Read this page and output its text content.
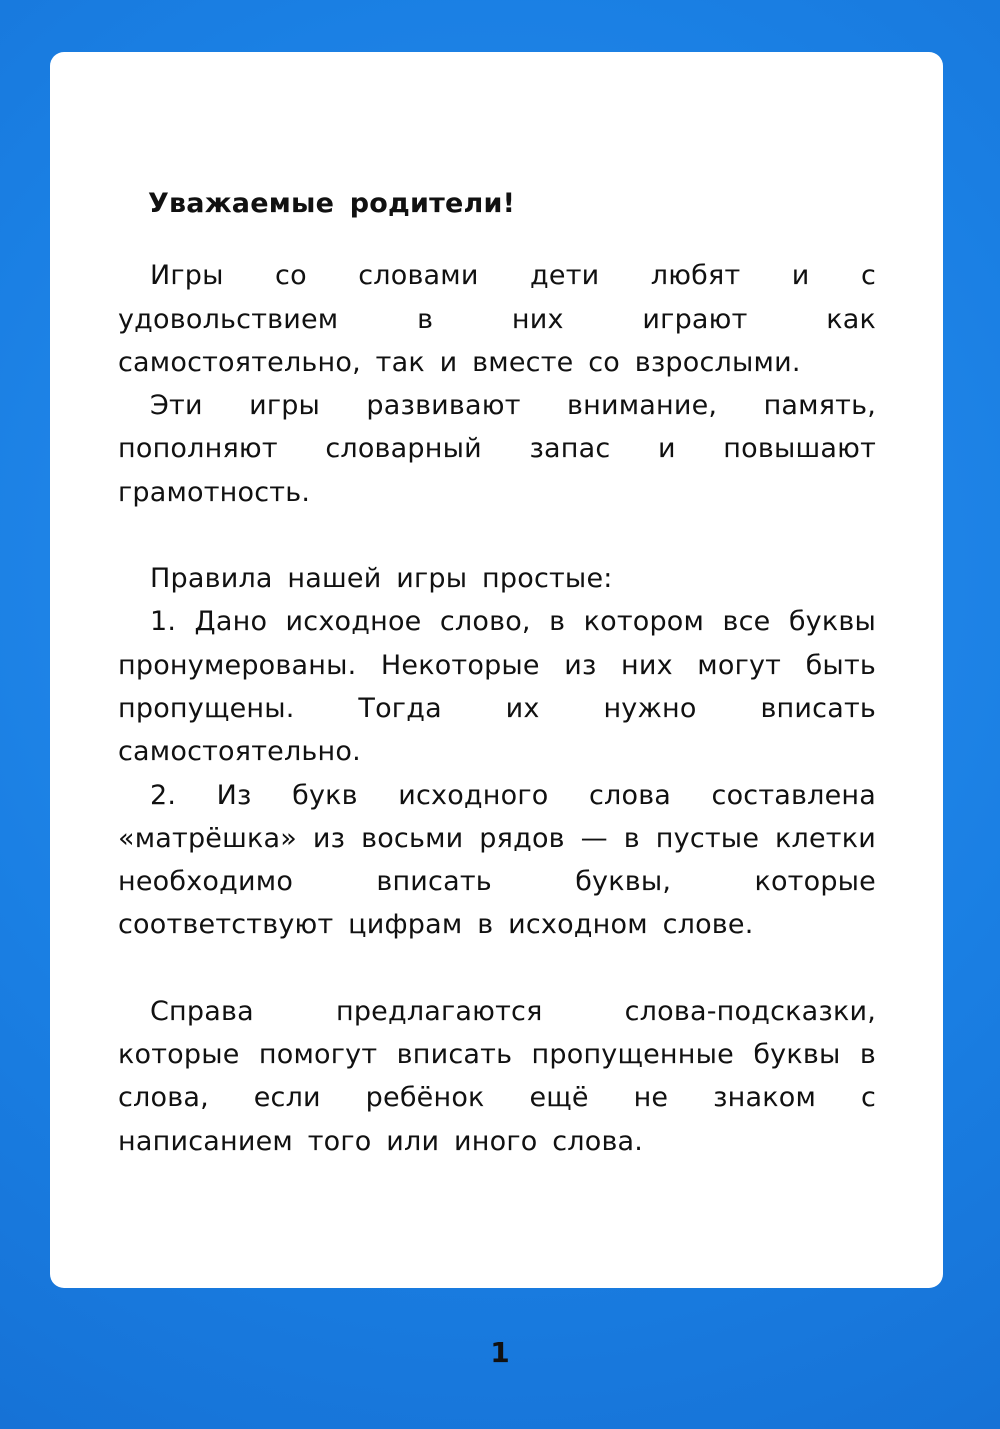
Уважаемые родители!

Игры со словами дети любят и с удовольствием в них играют как самостоятельно, так и вместе со взрослыми.

Эти игры развивают внимание, память, пополняют словарный запас и повышают грамотность.

Правила нашей игры простые:

1. Дано исходное слово, в котором все буквы пронумерованы. Некоторые из них могут быть пропущены. Тогда их нужно вписать самостоятельно.

2. Из букв исходного слова составлена «матрёшка» из восьми рядов — в пустые клетки необходимо вписать буквы, которые соответствуют цифрам в исходном слове.

Справа предлагаются слова-подсказки, которые помогут вписать пропущенные буквы в слова, если ребёнок ещё не знаком с написанием того или иного слова.

1
